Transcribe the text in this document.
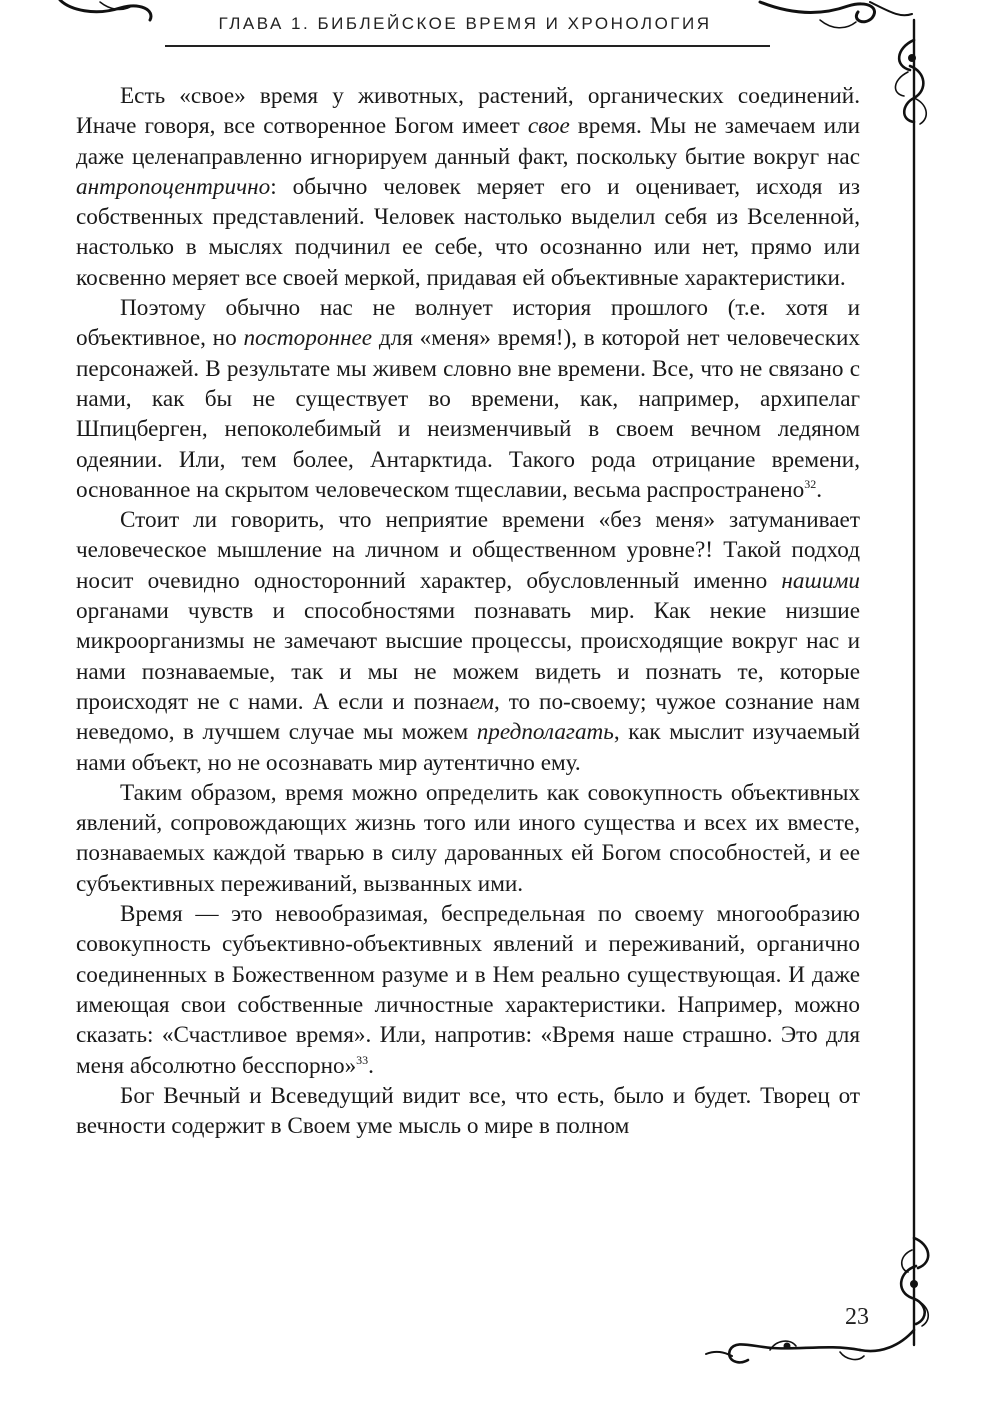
ГЛАВА 1. БИБЛЕЙСКОЕ ВРЕМЯ И ХРОНОЛОГИЯ

Есть «свое» время у животных, растений, органических соединений. Иначе говоря, все сотворенное Богом имеет свое время. Мы не замечаем или даже целенаправленно игнорируем данный факт, поскольку бытие вокруг нас антропоцентрично: обычно человек меряет его и оценивает, исходя из собственных представлений. Человек настолько выделил себя из Вселенной, настолько в мыслях подчинил ее себе, что осознанно или нет, прямо или косвенно меряет все своей меркой, придавая ей объективные характеристики.

Поэтому обычно нас не волнует история прошлого (т.е. хотя и объективное, но постороннее для «меня» время!), в которой нет человеческих персонажей. В результате мы живем словно вне времени. Все, что не связано с нами, как бы не существует во времени, как, например, архипелаг Шпицберген, непоколебимый и неизменчивый в своем вечном ледяном одеянии. Или, тем более, Антарктида. Такого рода отрицание времени, основанное на скрытом человеческом тщеславии, весьма распространено$^{32}$.

Стоит ли говорить, что неприятие времени «без меня» затуманивает человеческое мышление на личном и общественном уровне?! Такой подход носит очевидно односторонний характер, обусловленный именно нашими органами чувств и способностями познавать мир. Как некие низшие микроорганизмы не замечают высшие процессы, происходящие вокруг нас и нами познаваемые, так и мы не можем видеть и познать те, которые происходят не с нами. А если и познаем, то по-своему; чужое сознание нам неведомо, в лучшем случае мы можем предполагать, как мыслит изучаемый нами объект, но не осознавать мир аутентично ему.

Таким образом, время можно определить как совокупность объективных явлений, сопровождающих жизнь того или иного существа и всех их вместе, познаваемых каждой тварью в силу дарованных ей Богом способностей, и ее субъективных переживаний, вызванных ими.

Время — это невообразимая, беспредельная по своему многообразию совокупность субъективно-объективных явлений и переживаний, органично соединенных в Божественном разуме и в Нем реально существующая. И даже имеющая свои собственные личностные характеристики. Например, можно сказать: «Счастливое время». Или, напротив: «Время наше страшно. Это для меня абсолютно бесспорно»$^{33}$.

Бог Вечный и Всеведущий видит все, что есть, было и будет. Творец от вечности содержит в Своем уме мысль о мире в полном

23
